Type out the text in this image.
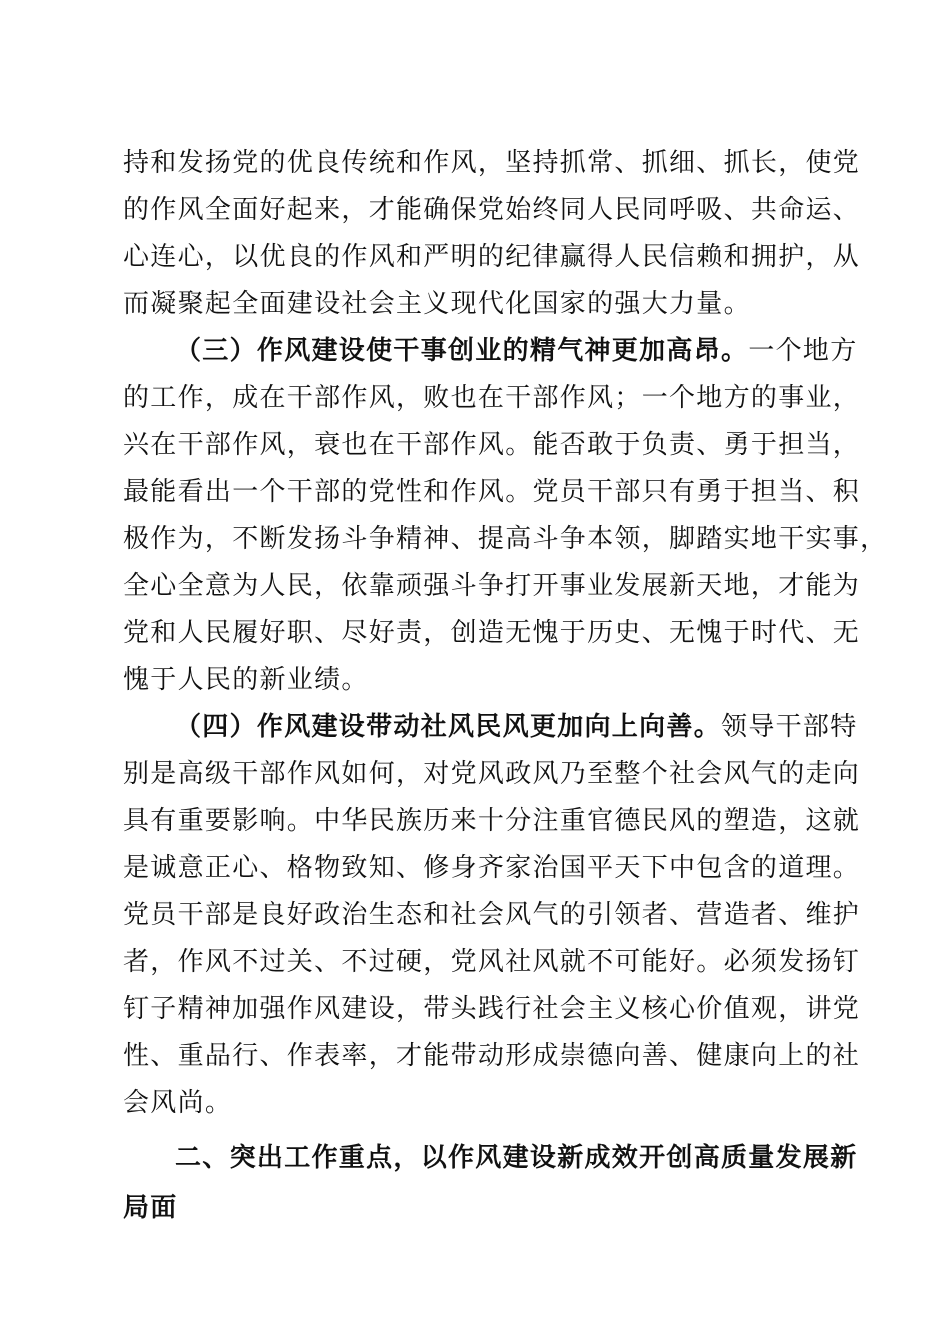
持和发扬党的优良传统和作风，坚持抓常、抓细、抓长，使党
的作风全面好起来，才能确保党始终同人民同呼吸、共命运、
心连心，以优良的作风和严明的纪律赢得人民信赖和拥护，从
而凝聚起全面建设社会主义现代化国家的强大力量。
（三）作风建设使干事创业的精气神更加高昂。一个地方
的工作，成在干部作风，败也在干部作风；一个地方的事业，
兴在干部作风，衰也在干部作风。能否敢于负责、勇于担当，
最能看出一个干部的党性和作风。党员干部只有勇于担当、积
极作为，不断发扬斗争精神、提高斗争本领，脚踏实地干实事，
全心全意为人民，依靠顽强斗争打开事业发展新天地，才能为
党和人民履好职、尽好责，创造无愧于历史、无愧于时代、无
愧于人民的新业绩。
（四）作风建设带动社风民风更加向上向善。领导干部特
别是高级干部作风如何，对党风政风乃至整个社会风气的走向
具有重要影响。中华民族历来十分注重官德民风的塑造，这就
是诚意正心、格物致知、修身齐家治国平天下中包含的道理。
党员干部是良好政治生态和社会风气的引领者、营造者、维护
者，作风不过关、不过硬，党风社风就不可能好。必须发扬钉
钉子精神加强作风建设，带头践行社会主义核心价值观，讲党
性、重品行、作表率，才能带动形成崇德向善、健康向上的社
会风尚。
二、突出工作重点，以作风建设新成效开创高质量发展新
局面
